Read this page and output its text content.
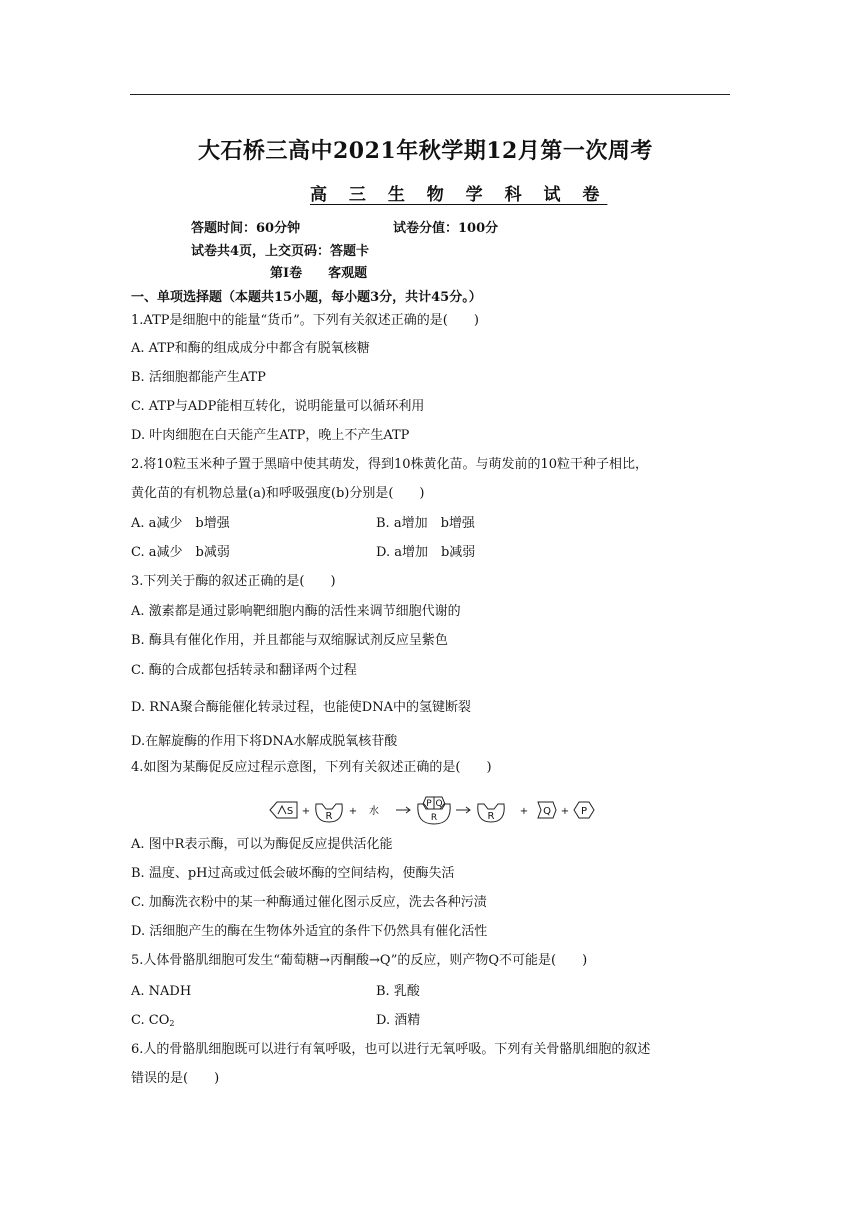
大石桥三高中2021年秋学期12月第一次周考
高 三 生 物 学 科 试 卷
答题时间：60分钟	试卷分值：100分
试卷共4页，上交页码：答题卡
第Ⅰ卷　　客观题
一、单项选择题（本题共15小题，每小题3分，共计45分。）
1.ATP是细胞中的能量“货币”。下列有关叙述正确的是(　　)
A. ATP和酶的组成成分中都含有脱氧核糖
B. 活细胞都能产生ATP
C. ATP与ADP能相互转化，说明能量可以循环利用
D. 叶肉细胞在白天能产生ATP，晚上不产生ATP
2.将10粒玉米种子置于黑暗中使其萌发，得到10株黄化苗。与萌发前的10粒干种子相比，
黄化苗的有机物总量(a)和呼吸强度(b)分别是(　　)
A. a减少　b增强	B. a增加　b增强
C. a减少　b减弱	D. a增加　b减弱
3.下列关于酶的叙述正确的是(　　)
A. 激素都是通过影响靶细胞内酶的活性来调节细胞代谢的
B. 酶具有催化作用，并且都能与双缩脲试剂反应呈紫色
C. 酶的合成都包括转录和翻译两个过程
D. RNA聚合酶能催化转录过程，也能使DNA中的氢键断裂
D.在解旋酶的作用下将DNA水解成脱氧核苷酸
4.如图为某酶促反应过程示意图，下列有关叙述正确的是(　　)
S + R + 水
P Q
R	R	+ Q + P
A. 图中R表示酶，可以为酶促反应提供活化能
B. 温度、pH过高或过低会破坏酶的空间结构，使酶失活
C. 加酶洗衣粉中的某一种酶通过催化图示反应，洗去各种污渍
D. 活细胞产生的酶在生物体外适宜的条件下仍然具有催化活性
5.人体骨骼肌细胞可发生“葡萄糖→丙酮酸→Q”的反应，则产物Q不可能是(　　)
A. NADH	B. 乳酸
C. $CO_2$	D. 酒精
6.人的骨骼肌细胞既可以进行有氧呼吸，也可以进行无氧呼吸。下列有关骨骼肌细胞的叙述
错误的是(　　)
